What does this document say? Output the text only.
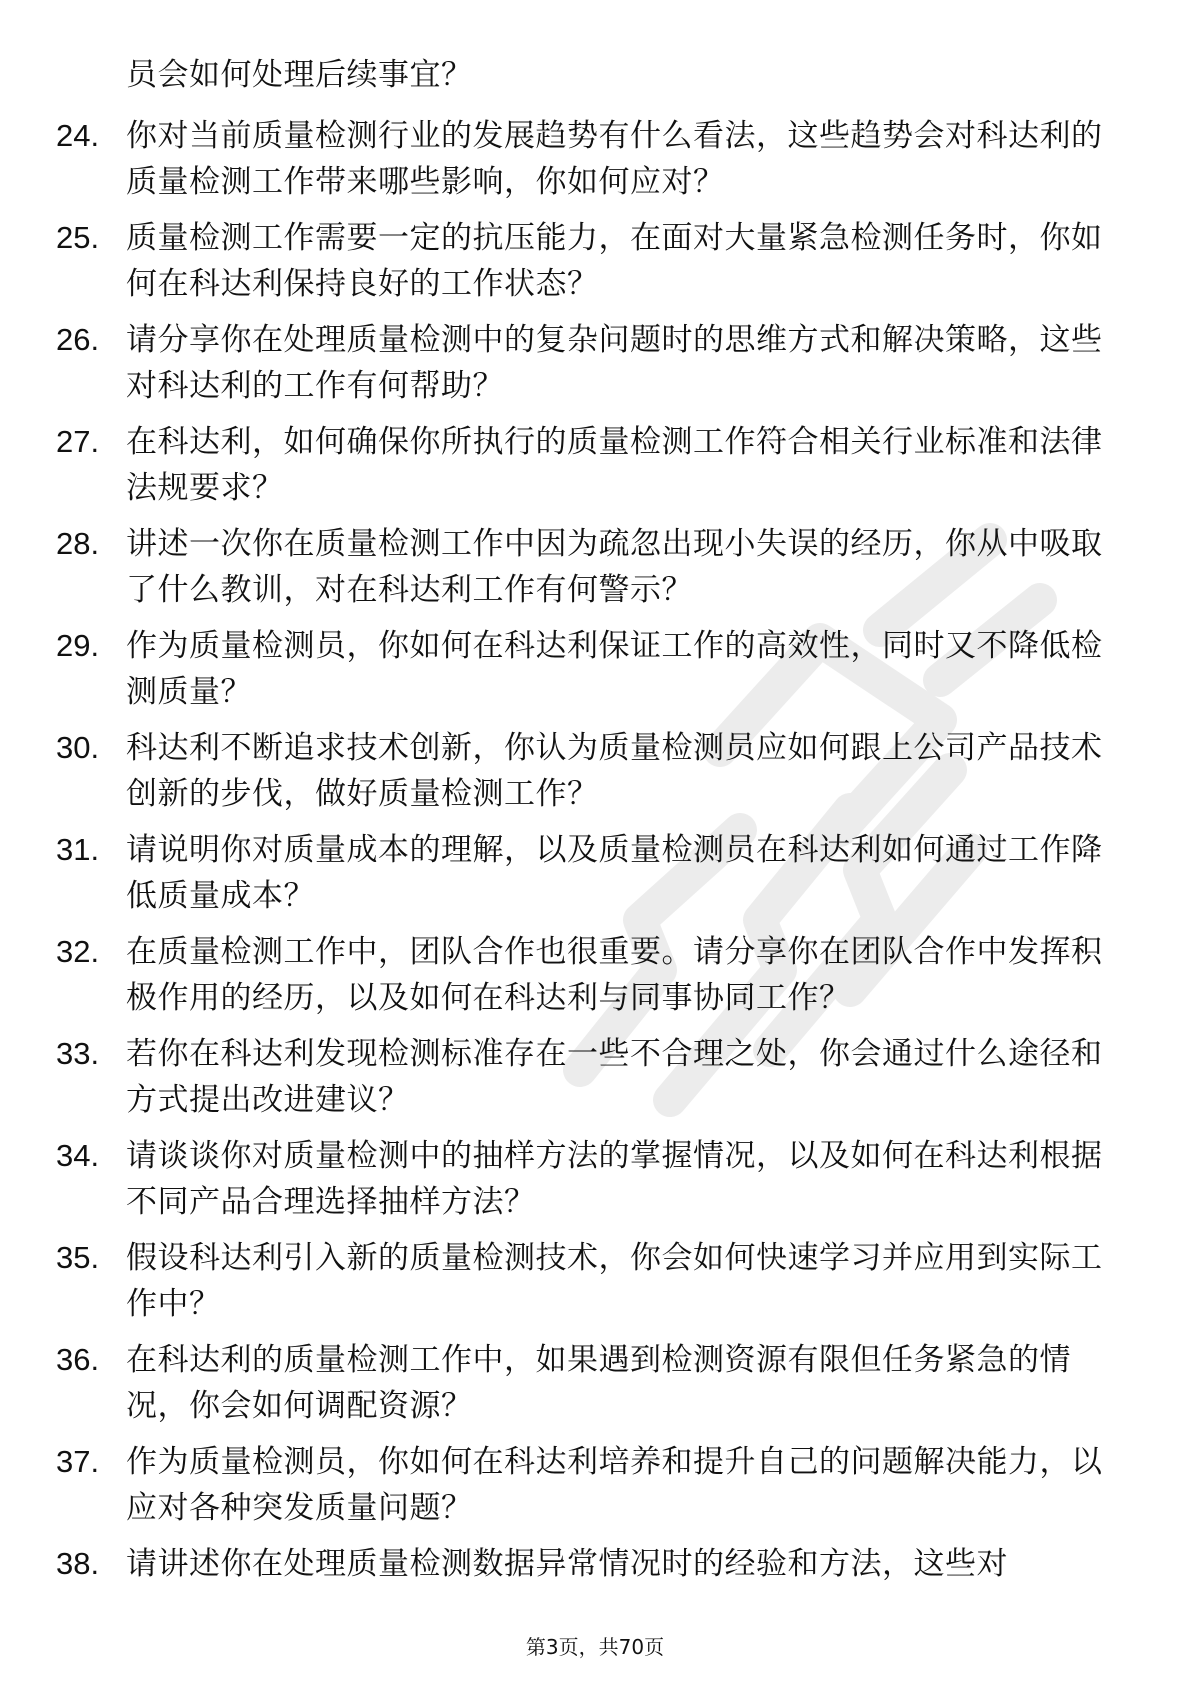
员会如何处理后续事宜？

24. 你对当前质量检测行业的发展趋势有什么看法，这些趋势会对科达利的质量检测工作带来哪些影响，你如何应对？
25. 质量检测工作需要一定的抗压能力，在面对大量紧急检测任务时，你如何在科达利保持良好的工作状态？
26. 请分享你在处理质量检测中的复杂问题时的思维方式和解决策略，这些对科达利的工作有何帮助？
27. 在科达利，如何确保你所执行的质量检测工作符合相关行业标准和法律法规要求？
28. 讲述一次你在质量检测工作中因为疏忽出现小失误的经历，你从中吸取了什么教训，对在科达利工作有何警示？
29. 作为质量检测员，你如何在科达利保证工作的高效性，同时又不降低检测质量？
30. 科达利不断追求技术创新，你认为质量检测员应如何跟上公司产品技术创新的步伐，做好质量检测工作？
31. 请说明你对质量成本的理解，以及质量检测员在科达利如何通过工作降低质量成本？
32. 在质量检测工作中，团队合作也很重要。请分享你在团队合作中发挥积极作用的经历，以及如何在科达利与同事协同工作？
33. 若你在科达利发现检测标准存在一些不合理之处，你会通过什么途径和方式提出改进建议？
34. 请谈谈你对质量检测中的抽样方法的掌握情况，以及如何在科达利根据不同产品合理选择抽样方法？
35. 假设科达利引入新的质量检测技术，你会如何快速学习并应用到实际工作中？
36. 在科达利的质量检测工作中，如果遇到检测资源有限但任务紧急的情况，你会如何调配资源？
37. 作为质量检测员，你如何在科达利培养和提升自己的问题解决能力，以应对各种突发质量问题？
38. 请讲述你在处理质量检测数据异常情况时的经验和方法，这些对
第3页，共70页
